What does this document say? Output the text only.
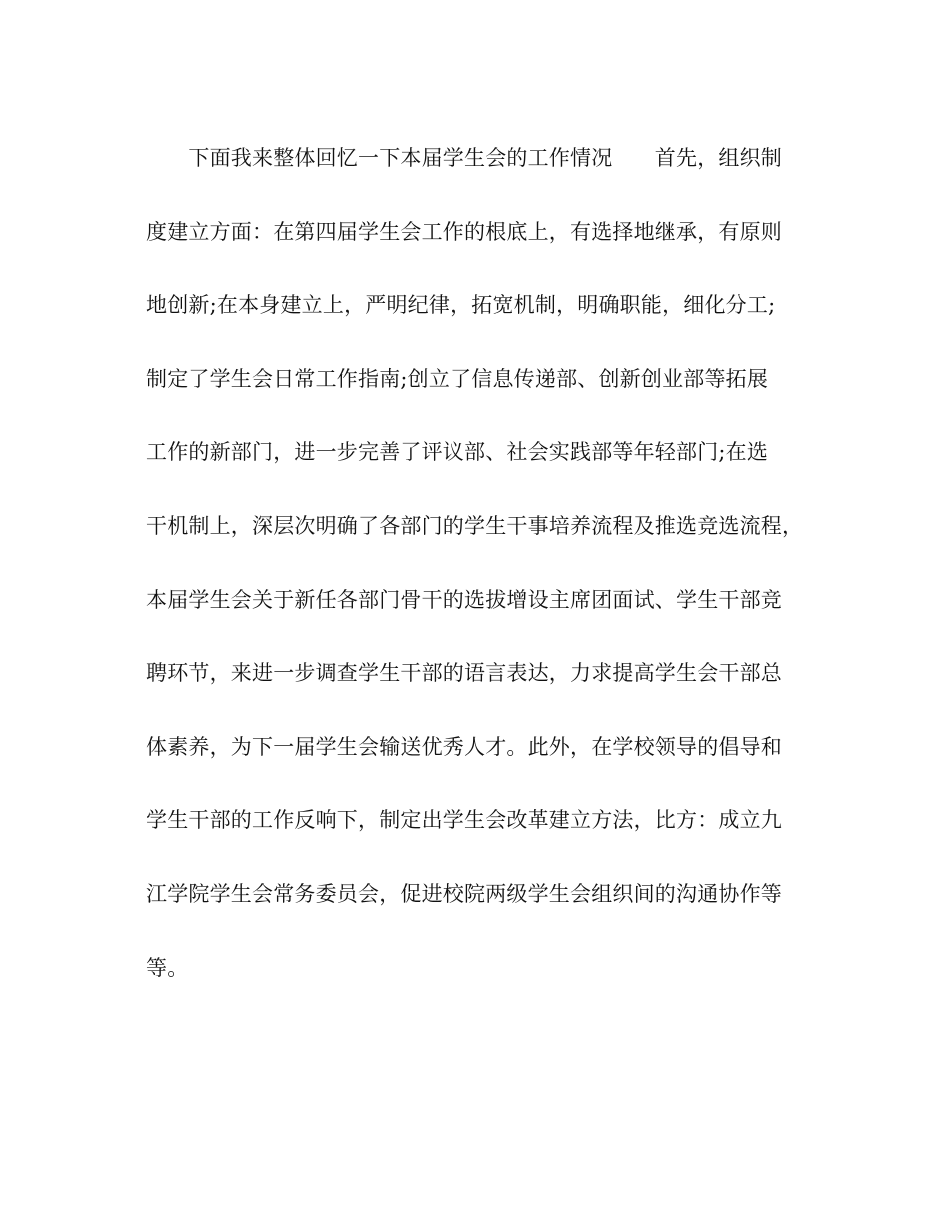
　　下面我来整体回忆一下本届学生会的工作情况　　首先，组织制
度建立方面：在第四届学生会工作的根底上，有选择地继承，有原则
地创新;在本身建立上，严明纪律，拓宽机制，明确职能，细化分工;
制定了学生会日常工作指南;创立了信息传递部、创新创业部等拓展
工作的新部门，进一步完善了评议部、社会实践部等年轻部门;在选
干机制上，深层次明确了各部门的学生干事培养流程及推选竞选流程，
本届学生会关于新任各部门骨干的选拔增设主席团面试、学生干部竞
聘环节，来进一步调查学生干部的语言表达，力求提高学生会干部总
体素养，为下一届学生会输送优秀人才。此外，在学校领导的倡导和
学生干部的工作反响下，制定出学生会改革建立方法，比方：成立九
江学院学生会常务委员会，促进校院两级学生会组织间的沟通协作等
等。
